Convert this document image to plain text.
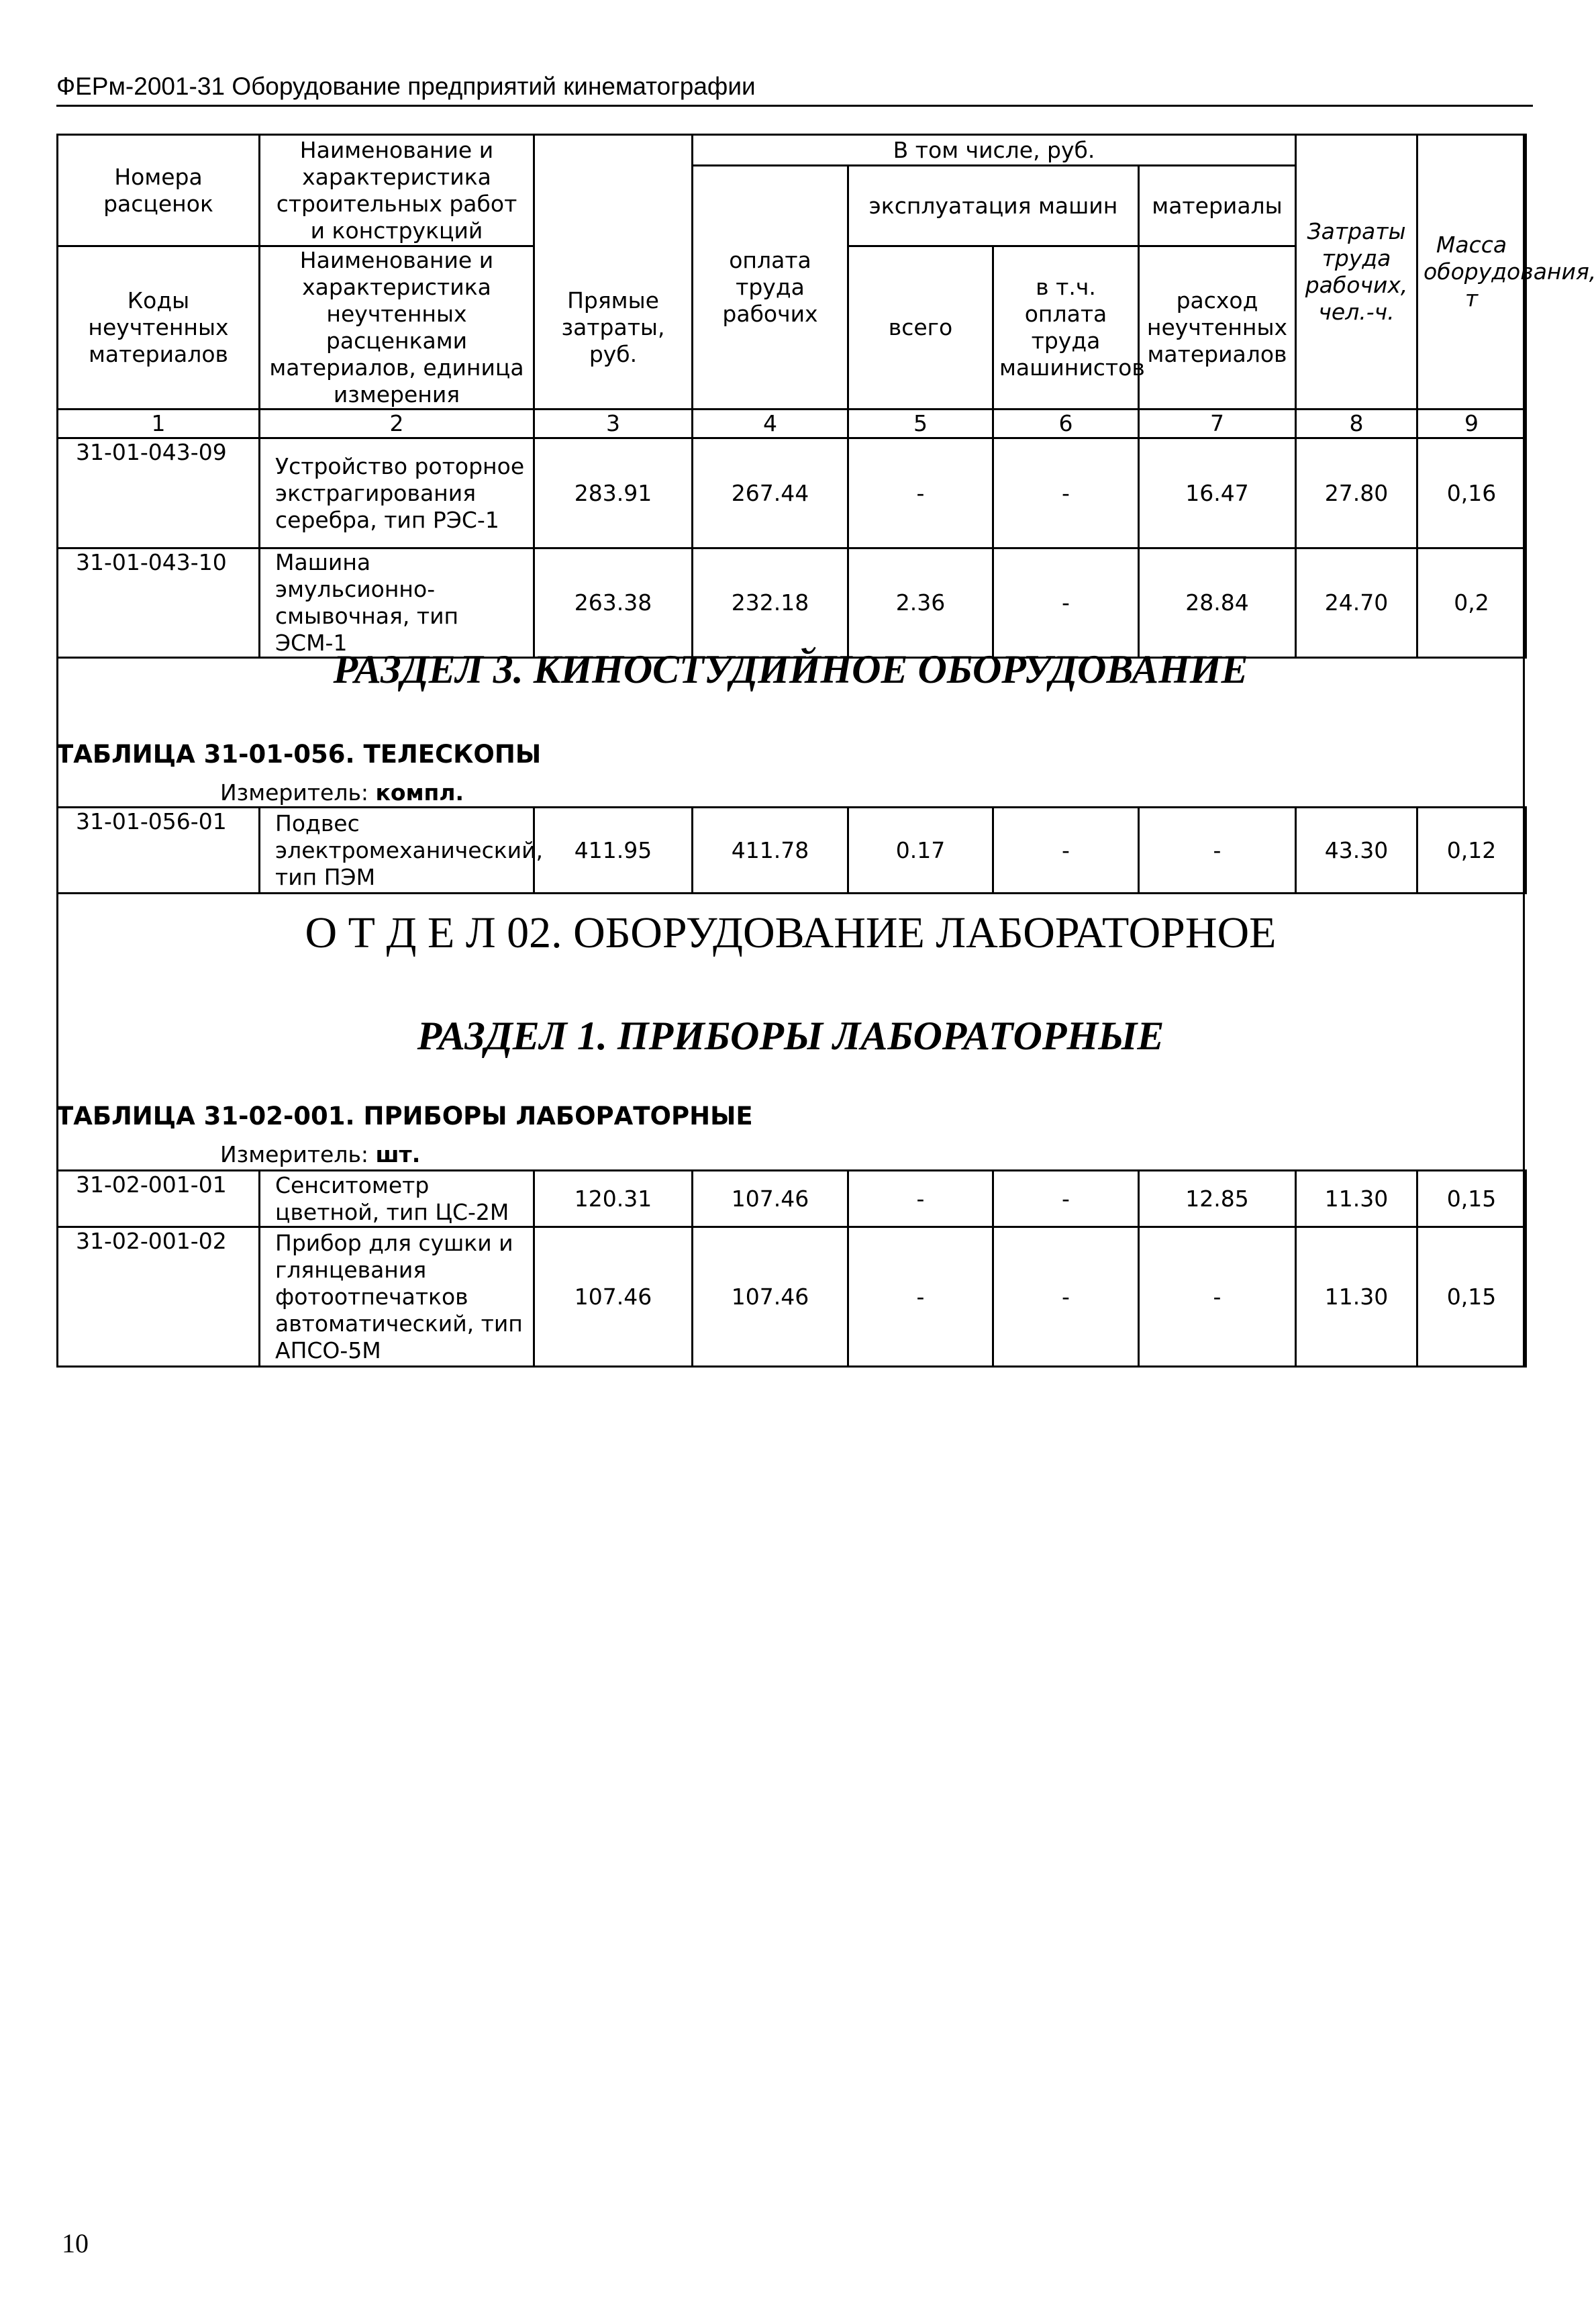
ФЕРм-2001-31 Оборудование предприятий кинематографии
Номера расценок	Наименование и характеристика строительных работ и конструкций	Прямые затраты, руб.	В том числе, руб.				Затраты труда рабочих, чел.-ч.	Масса оборудования, т
			оплата труда рабочих	эксплуатация машин		материалы		
Коды неучтенных материалов	Наименование и характеристика неучтенных расценками материалов, единица измерения			всего	в т.ч. оплата труда машинистов	расход неучтенных материалов		

1	2	3	4	5	6	7	8	9
31-01-043-09	Устройство роторное экстрагирования серебра, тип РЭС-1	283.91	267.44	-	-	16.47	27.80	0,16
31-01-043-10	Машина эмульсионно-смывочная, тип ЭСМ-1	263.38	232.18	2.36	-	28.84	24.70	0,2
РАЗДЕЛ 3. КИНОСТУДИЙНОЕ ОБОРУДОВАНИЕ
ТАБЛИЦА 31-01-056. ТЕЛЕСКОПЫ
Измеритель: компл.
31-01-056-01	Подвес электромеханический, тип ПЭМ	411.95	411.78	0.17	-	-	43.30	0,12
О Т Д Е Л 02. ОБОРУДОВАНИЕ ЛАБОРАТОРНОЕ
РАЗДЕЛ 1. ПРИБОРЫ ЛАБОРАТОРНЫЕ
ТАБЛИЦА 31-02-001. ПРИБОРЫ ЛАБОРАТОРНЫЕ
Измеритель: шт.
31-02-001-01	Сенситометр цветной, тип ЦС-2М	120.31	107.46	-	-	12.85	11.30	0,15
31-02-001-02	Прибор для сушки и глянцевания фотоотпечатков автоматический, тип АПСО-5М	107.46	107.46	-	-	-	11.30	0,15
10
